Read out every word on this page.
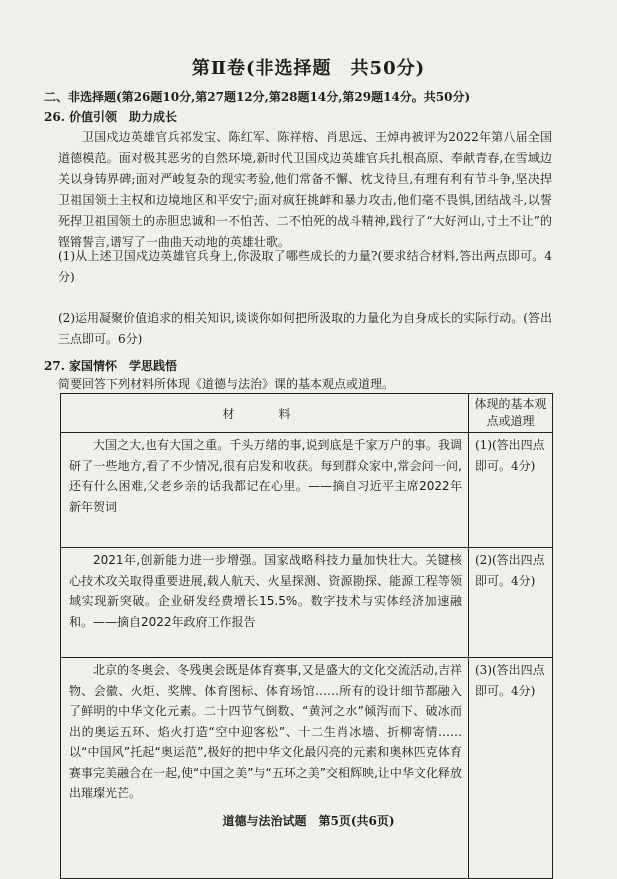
第Ⅱ卷(非选择题　共50分)
二、非选择题(第26题10分,第27题12分,第28题14分,第29题14分。共50分)
26. 价值引领　助力成长

卫国戍边英雄官兵祁发宝、陈红军、陈祥榕、肖思远、王焯冉被评为2022年第八届全国道德模范。面对极其恶劣的自然环境,新时代卫国戍边英雄官兵扎根高原、奉献青春,在雪域边关以身铸界碑;面对严峻复杂的现实考验,他们常备不懈、枕戈待旦,有理有利有节斗争,坚决捍卫祖国领土主权和边境地区和平安宁;面对疯狂挑衅和暴力攻击,他们毫不畏惧,团结战斗,以誓死捍卫祖国领土的赤胆忠诚和一不怕苦、二不怕死的战斗精神,践行了“大好河山,寸土不让”的铿锵誓言,谱写了一曲曲天动地的英雄壮歌。

(1)从上述卫国戍边英雄官兵身上,你汲取了哪些成长的力量?(要求结合材料,答出两点即可。4分)

(2)运用凝聚价值追求的相关知识,谈谈你如何把所汲取的力量化为自身成长的实际行动。(答出三点即可。6分)

27. 家国情怀　学思践悟
简要回答下列材料所体现《道德与法治》课的基本观点或道理。
材　料	体现的基本观点或道理

大国之大,也有大国之重。千头万绪的事,说到底是千家万户的事。我调研了一些地方,看了不少情况,很有启发和收获。每到群众家中,常会问一问,还有什么困难,父老乡亲的话我都记在心里。——摘自习近平主席2022年新年贺词	(1)(答出四点即可。4分)

2021年,创新能力进一步增强。国家战略科技力量加快壮大。关键核心技术攻关取得重要进展,载人航天、火星探测、资源勘探、能源工程等领域实现新突破。企业研发经费增长15.5%。数字技术与实体经济加速融和。——摘自2022年政府工作报告	(2)(答出四点即可。4分)

北京的冬奥会、冬残奥会既是体育赛事,又是盛大的文化交流活动,吉祥物、会徽、火炬、奖牌、体育图标、体育场馆……所有的设计细节都融入了鲜明的中华文化元素。二十四节气倒数、“黄河之水”倾泻而下、破冰而出的奥运五环、焰火打造“空中迎客松”、十二生肖冰墙、折柳寄情……以“中国风”托起“奥运范”,极好的把中华文化最闪亮的元素和奥林匹克体育赛事完美融合在一起,使“中国之美”与“五环之美”交相辉映,让中华文化释放出璀璨光芒。	(3)(答出四点即可。4分)
道德与法治试题　第5页(共6页)
